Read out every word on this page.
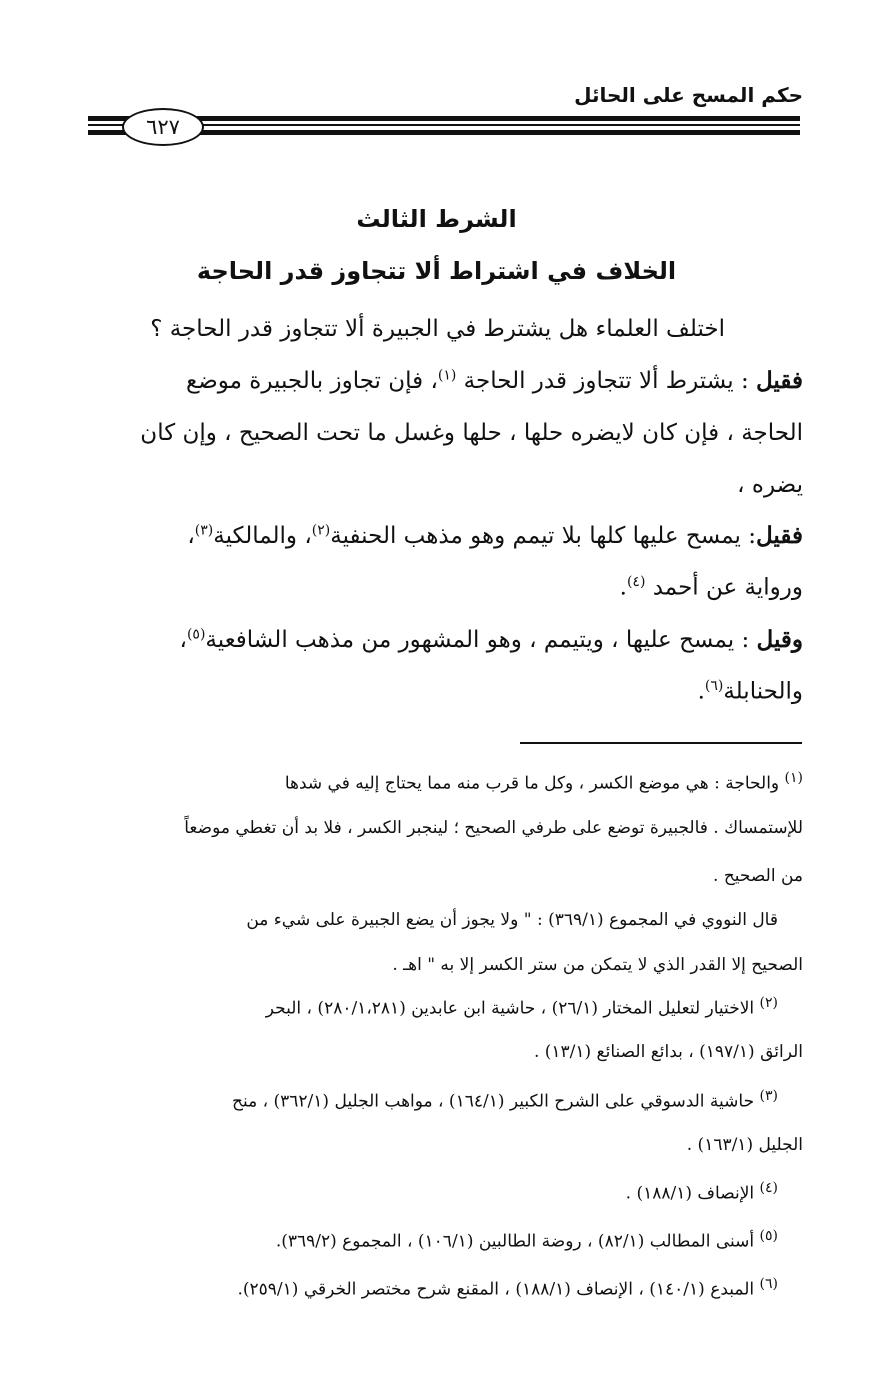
حكم المسح على الحائل
٦٢٧
الشرط الثالث
الخلاف في اشتراط ألا تتجاوز قدر الحاجة
اختلف العلماء هل يشترط في الجبيرة ألا تتجاوز قدر الحاجة ؟
فقيل : يشترط ألا تتجاوز قدر الحاجة $^{(١)}$، فإن تجاوز بالجبيرة موضع
الحاجة ، فإن كان لايضره حلها ، حلها وغسل ما تحت الصحيح ، وإن كان
يضره ،
فقيل: يمسح عليها كلها بلا تيمم وهو مذهب الحنفية$^{(٢)}$، والمالكية$^{(٣)}$،
ورواية عن أحمد $^{(٤)}$.
وقيل : يمسح عليها ، ويتيمم ، وهو المشهور من مذهب الشافعية$^{(٥)}$،
والحنابلة$^{(٦)}$.
$^{(١)}$ والحاجة : هي موضع الكسر ، وكل ما قرب منه مما يحتاج إليه في شدها
للإستمساك . فالجبيرة توضع على طرفي الصحيح ؛ لينجبر الكسر ، فلا بد أن تغطي موضعاً
من الصحيح .
قال النووي في المجموع (٣٦٩/١) : " ولا يجوز أن يضع الجبيرة على شيء من
الصحيح إلا القدر الذي لا يتمكن من ستر الكسر إلا به " اهـ .
$^{(٢)}$ الاختيار لتعليل المختار (٢٦/١) ، حاشية ابن عابدين (٢٨٠/١،٢٨١) ، البحر
الرائق (١٩٧/١) ، بدائع الصنائع (١٣/١) .
$^{(٣)}$ حاشية الدسوقي على الشرح الكبير (١٦٤/١) ، مواهب الجليل (٣٦٢/١) ، منح
الجليل (١٦٣/١) .
$^{(٤)}$ الإنصاف (١٨٨/١) .
$^{(٥)}$ أسنى المطالب (٨٢/١) ، روضة الطالبين (١٠٦/١) ، المجموع (٣٦٩/٢).
$^{(٦)}$ المبدع (١٤٠/١) ، الإنصاف (١٨٨/١) ، المقنع شرح مختصر الخرقي (٢٥٩/١).
